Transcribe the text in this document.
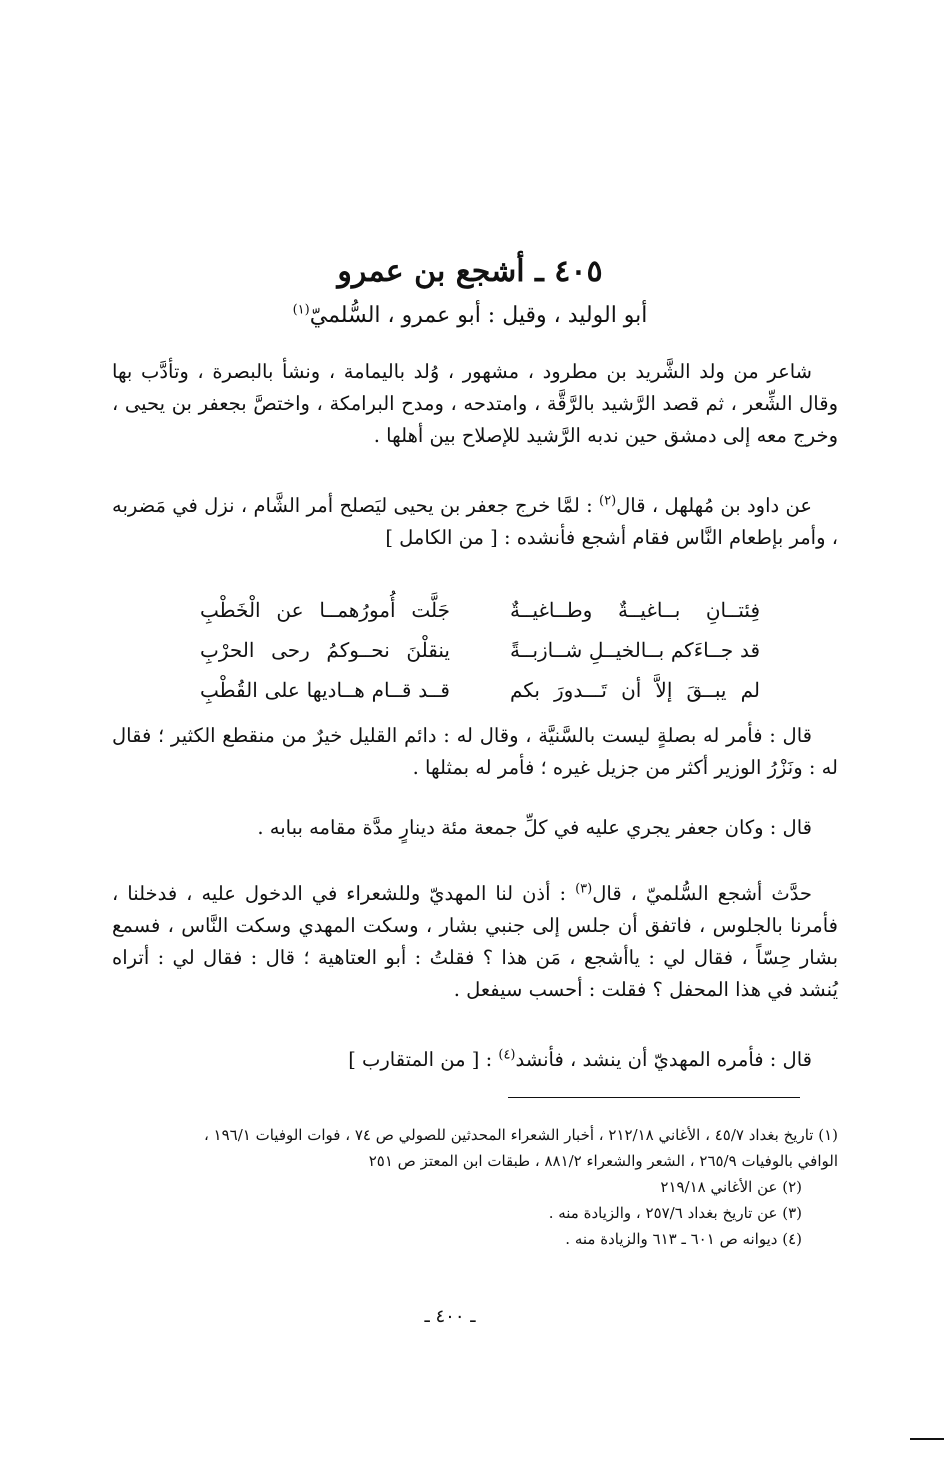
٤٠٥ ـ أشجع بن عمرو
أبو الوليد ، وقيل : أبو عمرو ، السُّلميّ$^{(١)}$
شاعر من ولد الشَّريد بن مطرود ، مشهور ، وُلد باليمامة ، ونشأ بالبصرة ، وتأدَّب بها وقال الشِّعر ، ثم قصد الرَّشيد بالرَّقَّة ، وامتدحه ، ومدح البرامكة ، واختصَّ بجعفر بن يحيى ، وخرج معه إلى دمشق حين ندبه الرَّشيد للإصلاح بين أهلها .
عن داود بن مُهلهل ، قال$^{(٢)}$ : لمَّا خرج جعفر بن يحيى ليَصلح أمر الشَّام ، نزل في مَضربه ، وأمر بإطعام النَّاس فقام أشجع فأنشده : [ من الكامل ]
فِئتــانِ بــاغيــةٌ وطــاغيــةٌ
جَلَّت أُمورُهمــا عن الْخَطْبِ
قد جــاءَكم بــالخيــلِ شــازبــةً
ينقلْنَ نحــوكمُ رحى الحرْبِ
لم يبــقَ إلاَّ أن تَـــدورَ بكم
قــد قــام هــاديها على القُطْبِ
قال : فأمر له بصلةٍ ليست بالسَّنيَّة ، وقال له : دائم القليل خيرٌ من منقطع الكثير ؛ فقال له : ونَزْرُ الوزير أكثر من جزيل غيره ؛ فأمر له بمثلها .
قال : وكان جعفر يجري عليه في كلِّ جمعة مئة دينارٍ مدَّة مقامه ببابه .
حدَّث أشجع السُّلميّ ، قال$^{(٣)}$ : أذن لنا المهديّ وللشعراء في الدخول عليه ، فدخلنا ، فأمرنا بالجلوس ، فاتفق أن جلس إلى جنبي بشار ، وسكت المهدي وسكت النَّاس ، فسمع بشار حِسّاً ، فقال لي : ياأشجع ، مَن هذا ؟ فقلتُ : أبو العتاهية ؛ قال : فقال لي : أتراه يُنشد في هذا المحفل ؟ فقلت : أحسب سيفعل .
قال : فأمره المهديّ أن ينشد ، فأنشد$^{(٤)}$ : [ من المتقارب ]
(١) تاريخ بغداد ٤٥/٧ ، الأغاني ٢١٢/١٨ ، أخبار الشعراء المحدثين للصولي ص ٧٤ ، فوات الوفيات ١٩٦/١ ،
الوافي بالوفيات ٢٦٥/٩ ، الشعر والشعراء ٨٨١/٢ ، طبقات ابن المعتز ص ٢٥١
(٢) عن الأغاني ٢١٩/١٨
(٣) عن تاريخ بغداد ٢٥٧/٦ ، والزيادة منه .
(٤) ديوانه ص ٦٠١ ـ ٦١٣ والزيادة منه .
ـ ٤٠٠ ـ
